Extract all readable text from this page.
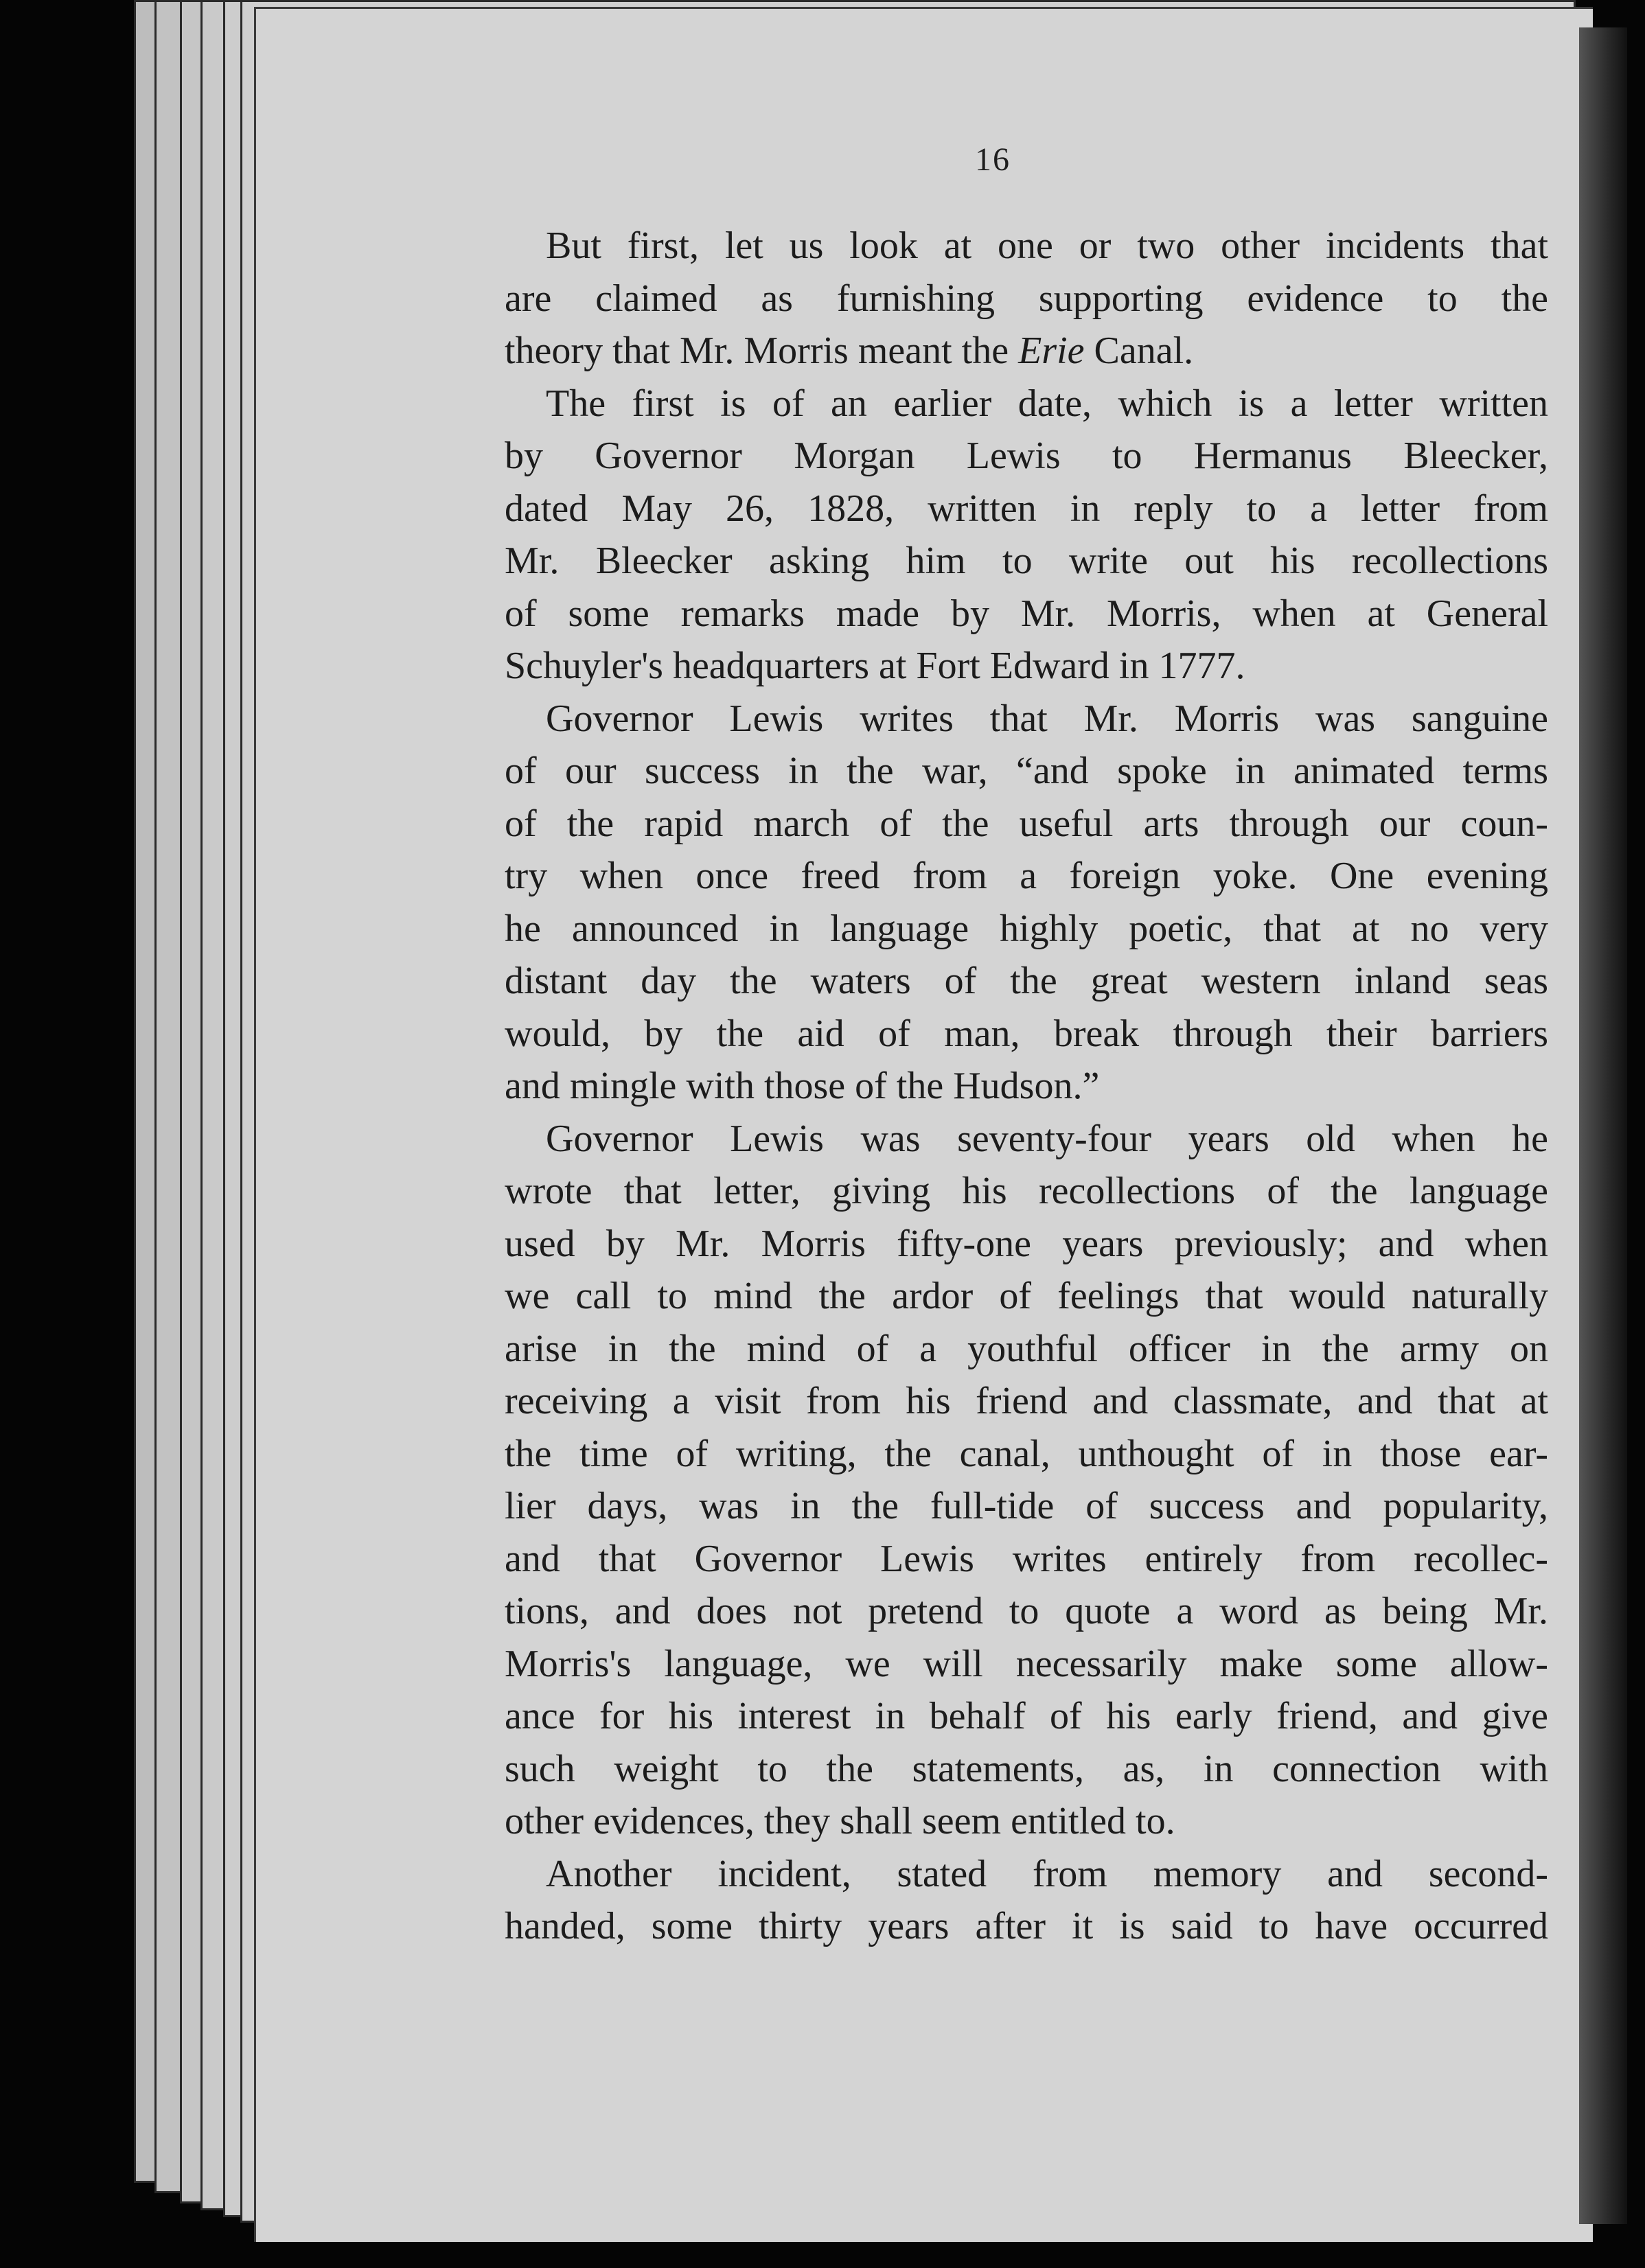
16
But first, let us look at one or two other incidents that
are claimed as furnishing supporting evidence to the
theory that Mr. Morris meant the Erie Canal.
The first is of an earlier date, which is a letter written
by Governor Morgan Lewis to Hermanus Bleecker,
dated May 26, 1828, written in reply to a letter from
Mr. Bleecker asking him to write out his recollections
of some remarks made by Mr. Morris, when at General
Schuyler's headquarters at Fort Edward in 1777.
Governor Lewis writes that Mr. Morris was sanguine
of our success in the war, “and spoke in animated terms
of the rapid march of the useful arts through our coun-
try when once freed from a foreign yoke. One evening
he announced in language highly poetic, that at no very
distant day the waters of the great western inland seas
would, by the aid of man, break through their barriers
and mingle with those of the Hudson.”
Governor Lewis was seventy-four years old when he
wrote that letter, giving his recollections of the language
used by Mr. Morris fifty-one years previously; and when
we call to mind the ardor of feelings that would naturally
arise in the mind of a youthful officer in the army on
receiving a visit from his friend and classmate, and that at
the time of writing, the canal, unthought of in those ear-
lier days, was in the full-tide of success and popularity,
and that Governor Lewis writes entirely from recollec-
tions, and does not pretend to quote a word as being Mr.
Morris's language, we will necessarily make some allow-
ance for his interest in behalf of his early friend, and give
such weight to the statements, as, in connection with
other evidences, they shall seem entitled to.
Another incident, stated from memory and second-
handed, some thirty years after it is said to have occurred
